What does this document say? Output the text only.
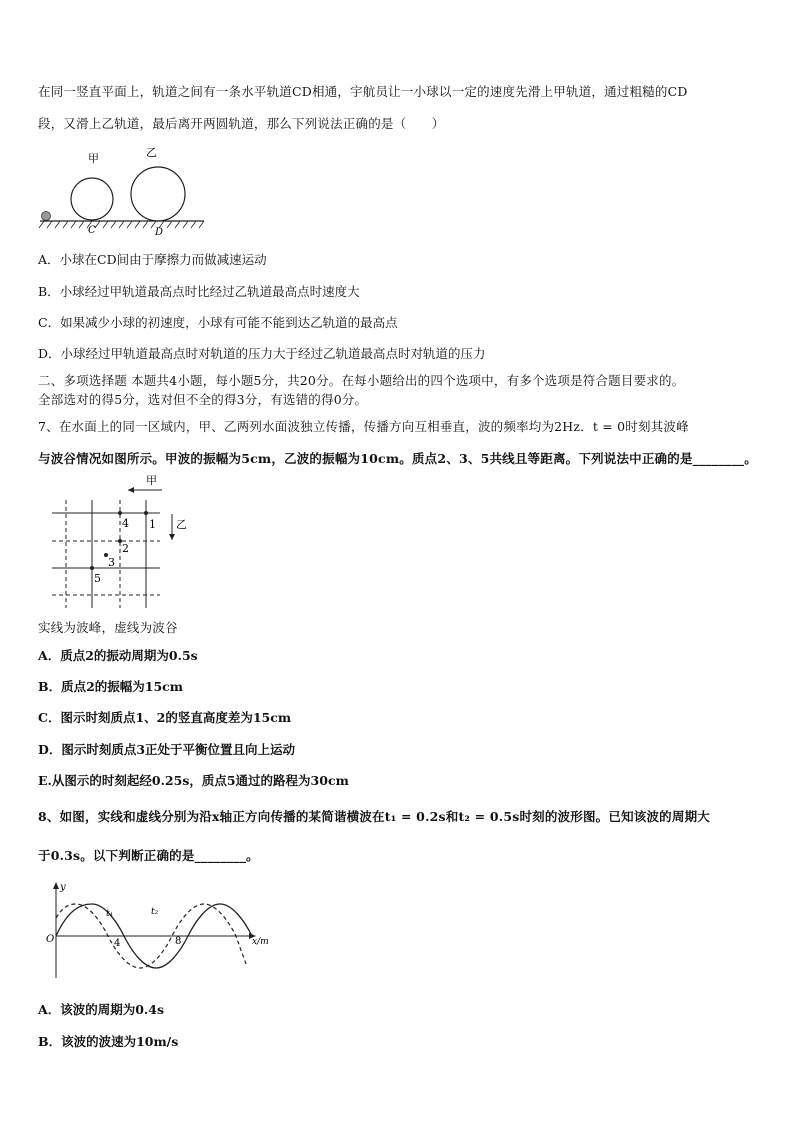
在同一竖直平面上，轨道之间有一条水平轨道CD相通，宇航员让一小球以一定的速度先滑上甲轨道，通过粗糙的CD
段，又滑上乙轨道，最后离开两圆轨道，那么下列说法正确的是（　　）
甲	乙
C	D
A．小球在CD间由于摩擦力而做减速运动
B．小球经过甲轨道最高点时比经过乙轨道最高点时速度大
C．如果减少小球的初速度，小球有可能不能到达乙轨道的最高点
D．小球经过甲轨道最高点时对轨道的压力大于经过乙轨道最高点时对轨道的压力
二、多项选择题 本题共4小题，每小题5分，共20分。在每小题给出的四个选项中，有多个选项是符合题目要求的。
全部选对的得5分，选对但不全的得3分，有选错的得0分。
7、在水面上的同一区域内，甲、乙两列水面波独立传播，传播方向互相垂直，波的频率均为2Hz．t = 0时刻其波峰
与波谷情况如图所示。甲波的振幅为5cm，乙波的振幅为10cm。质点2、3、5共线且等距离。下列说法中正确的是________。
甲
乙
1
4
2
3
5
实线为波峰，虚线为波谷
A．质点2的振动周期为0.5s
B．质点2的振幅为15cm
C．图示时刻质点1、2的竖直高度差为15cm
D．图示时刻质点3正处于平衡位置且向上运动
E.从图示的时刻起经0.25s，质点5通过的路程为30cm
8、如图，实线和虚线分别为沿x轴正方向传播的某简谐横波在t₁ = 0.2s和t₂ = 0.5s时刻的波形图。已知该波的周期大
于0.3s。以下判断正确的是________。
y
O	x/m
4	8
t₁	t₂
A．该波的周期为0.4s
B．该波的波速为10m/s
